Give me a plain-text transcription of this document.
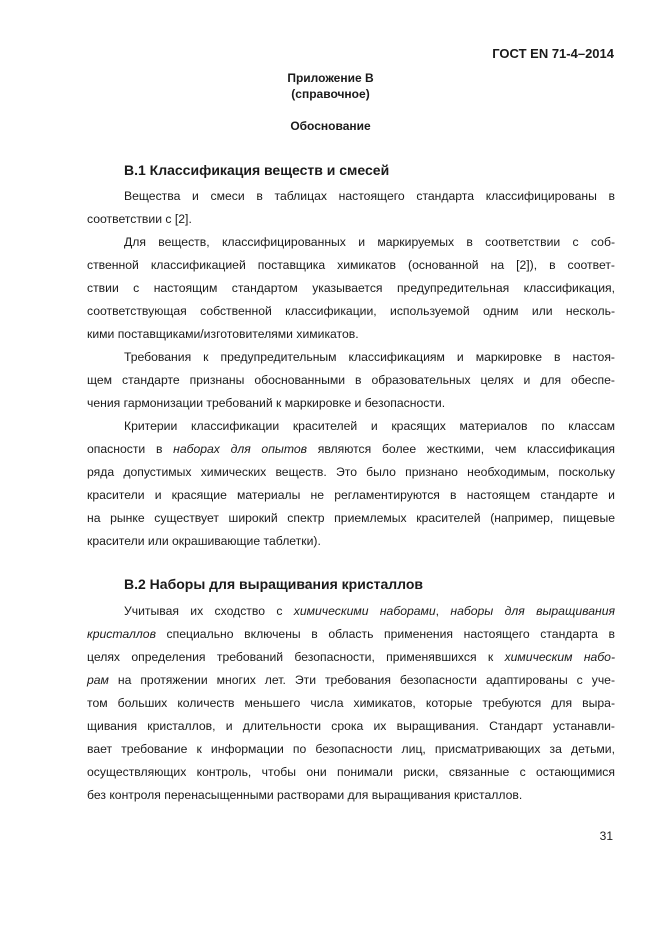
ГОСТ EN 71-4–2014
Приложение В
(справочное)
Обоснование
В.1 Классификация веществ и смесей
Вещества и смеси в таблицах настоящего стандарта классифицированы в
соответствии с [2].
Для веществ, классифицированных и маркируемых в соответствии с соб-
ственной классификацией поставщика химикатов (основанной на [2]), в соответ-
ствии с настоящим стандартом указывается предупредительная классификация,
соответствующая собственной классификации, используемой одним или несколь-
кими поставщиками/изготовителями химикатов.
Требования к предупредительным классификациям и маркировке в настоя-
щем стандарте признаны обоснованными в образовательных целях и для обеспе-
чения гармонизации требований к маркировке и безопасности.
Критерии классификации красителей и красящих материалов по классам
опасности в наборах для опытов являются более жесткими, чем классификация
ряда допустимых химических веществ. Это было признано необходимым, поскольку
красители и красящие материалы не регламентируются в настоящем стандарте и
на рынке существует широкий спектр приемлемых красителей (например, пищевые
красители или окрашивающие таблетки).
В.2 Наборы для выращивания кристаллов
Учитывая их сходство с химическими наборами, наборы для выращивания
кристаллов специально включены в область применения настоящего стандарта в
целях определения требований безопасности, применявшихся к химическим набо-
рам на протяжении многих лет. Эти требования безопасности адаптированы с уче-
том больших количеств меньшего числа химикатов, которые требуются для выра-
щивания кристаллов, и длительности срока их выращивания. Стандарт устанавли-
вает требование к информации по безопасности лиц, присматривающих за детьми,
осуществляющих контроль, чтобы они понимали риски, связанные с остающимися
без контроля перенасыщенными растворами для выращивания кристаллов.
31
